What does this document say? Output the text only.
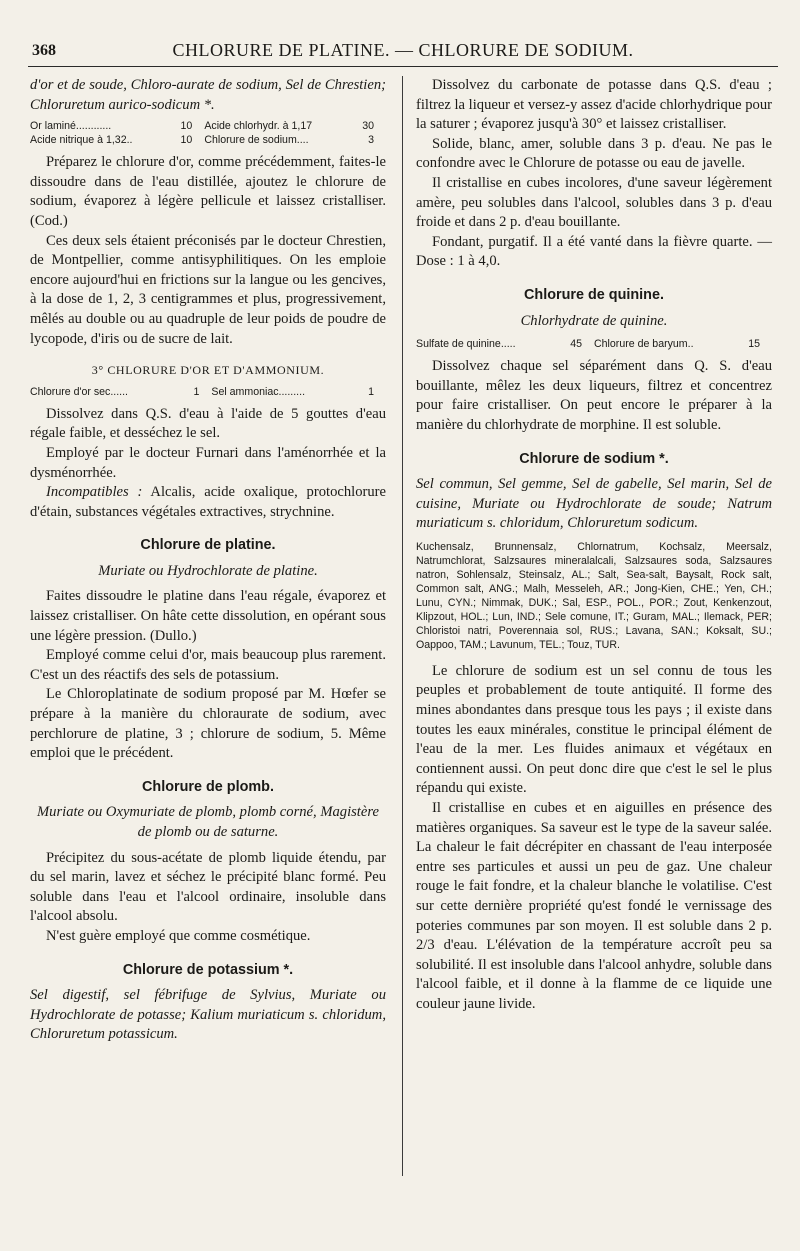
368	CHLORURE DE PLATINE. — CHLORURE DE SODIUM.

d'or et de soude, Chloro-aurate de sodium, Sel de Chrestien; Chloruretum aurico-sodicum *.

Or laminé............	10	Acide chlorhydr. à 1,17	30
Acide nitrique à 1,32..	10	Chlorure de sodium....	3

Préparez le chlorure d'or, comme précédemment, faites-le dissoudre dans de l'eau distillée, ajoutez le chlorure de sodium, évaporez à légère pellicule et laissez cristalliser. (Cod.)

Ces deux sels étaient préconisés par le docteur Chrestien, de Montpellier, comme antisyphilitiques. On les emploie encore aujourd'hui en frictions sur la langue ou les gencives, à la dose de 1, 2, 3 centigrammes et plus, progressivement, mêlés au double ou au quadruple de leur poids de poudre de lycopode, d'iris ou de sucre de lait.

3° CHLORURE D'OR ET D'AMMONIUM.
Chlorure d'or sec......	1	Sel ammoniac.........	1

Dissolvez dans Q.S. d'eau à l'aide de 5 gouttes d'eau régale faible, et desséchez le sel.

Employé par le docteur Furnari dans l'aménorrhée et la dysménorrhée.

Incompatibles : Alcalis, acide oxalique, protochlorure d'étain, substances végétales extractives, strychnine.

Chlorure de platine.
Muriate ou Hydrochlorate de platine.

Faites dissoudre le platine dans l'eau régale, évaporez et laissez cristalliser. On hâte cette dissolution, en opérant sous une légère pression. (Dullo.)

Employé comme celui d'or, mais beaucoup plus rarement. C'est un des réactifs des sels de potassium.

Le Chloroplatinate de sodium proposé par M. Hœfer se prépare à la manière du chloraurate de sodium, avec perchlorure de platine, 3 ; chlorure de sodium, 5. Même emploi que le précédent.

Chlorure de plomb.
Muriate ou Oxymuriate de plomb, plomb corné, Magistère de plomb ou de saturne.

Précipitez du sous-acétate de plomb liquide étendu, par du sel marin, lavez et séchez le précipité blanc formé. Peu soluble dans l'eau et l'alcool ordinaire, insoluble dans l'alcool absolu.

N'est guère employé que comme cosmétique.

Chlorure de potassium *.

Sel digestif, sel fébrifuge de Sylvius, Muriate ou Hydrochlorate de potasse; Kalium muriaticum s. chloridum, Chloruretum potassicum.

Dissolvez du carbonate de potasse dans Q.S. d'eau ; filtrez la liqueur et versez-y assez d'acide chlorhydrique pour la saturer ; évaporez jusqu'à 30° et laissez cristalliser.

Solide, blanc, amer, soluble dans 3 p. d'eau. Ne pas le confondre avec le Chlorure de potasse ou eau de javelle.

Il cristallise en cubes incolores, d'une saveur légèrement amère, peu solubles dans l'alcool, solubles dans 3 p. d'eau froide et dans 2 p. d'eau bouillante.

Fondant, purgatif. Il a été vanté dans la fièvre quarte. — Dose : 1 à 4,0.

Chlorure de quinine.
Chlorhydrate de quinine.
Sulfate de quinine.....	45	Chlorure de baryum..	15

Dissolvez chaque sel séparément dans Q. S. d'eau bouillante, mêlez les deux liqueurs, filtrez et concentrez pour faire cristalliser. On peut encore le préparer à la manière du chlorhydrate de morphine. Il est soluble.

Chlorure de sodium *.

Sel commun, Sel gemme, Sel de gabelle, Sel marin, Sel de cuisine, Muriate ou Hydrochlorate de soude; Natrum muriaticum s. chloridum, Chloruretum sodicum.

Kuchensalz, Brunnensalz, Chlornatrum, Kochsalz, Meersalz, Natrumchlorat, Salzsaures mineralalcali, Salzsaures soda, Salzsaures natron, Sohlensalz, Steinsalz, AL.; Salt, Sea-salt, Baysalt, Rock salt, Common salt, ANG.; Malh, Messeleh, AR.; Jong-Kien, CHE.; Yen, CH.; Lunu, CYN.; Nimmak, DUK.; Sal, ESP., POL., POR.; Zout, Kenkenzout, Klipzout, HOL.; Lun, IND.; Sele comune, IT.; Guram, MAL.; Ilemack, PER; Chloristoi natri, Poverennaia sol, RUS.; Lavana, SAN.; Koksalt, SU.; Oappoo, TAM.; Lavunum, TEL.; Touz, TUR.

Le chlorure de sodium est un sel connu de tous les peuples et probablement de toute antiquité. Il forme des mines abondantes dans presque tous les pays ; il existe dans toutes les eaux minérales, constitue le principal élément de l'eau de la mer. Les fluides animaux et végétaux en contiennent aussi. On peut donc dire que c'est le sel le plus répandu qui existe.

Il cristallise en cubes et en aiguilles en présence des matières organiques. Sa saveur est le type de la saveur salée. La chaleur le fait décrépiter en chassant de l'eau interposée entre ses particules et aussi un peu de gaz. Une chaleur rouge le fait fondre, et la chaleur blanche le volatilise. C'est sur cette dernière propriété qu'est fondé le vernissage des poteries communes par son moyen. Il est soluble dans 2 p. 2/3 d'eau. L'élévation de la température accroît peu sa solubilité. Il est insoluble dans l'alcool anhydre, soluble dans l'alcool faible, et il donne à la flamme de ce liquide une couleur jaune livide.
